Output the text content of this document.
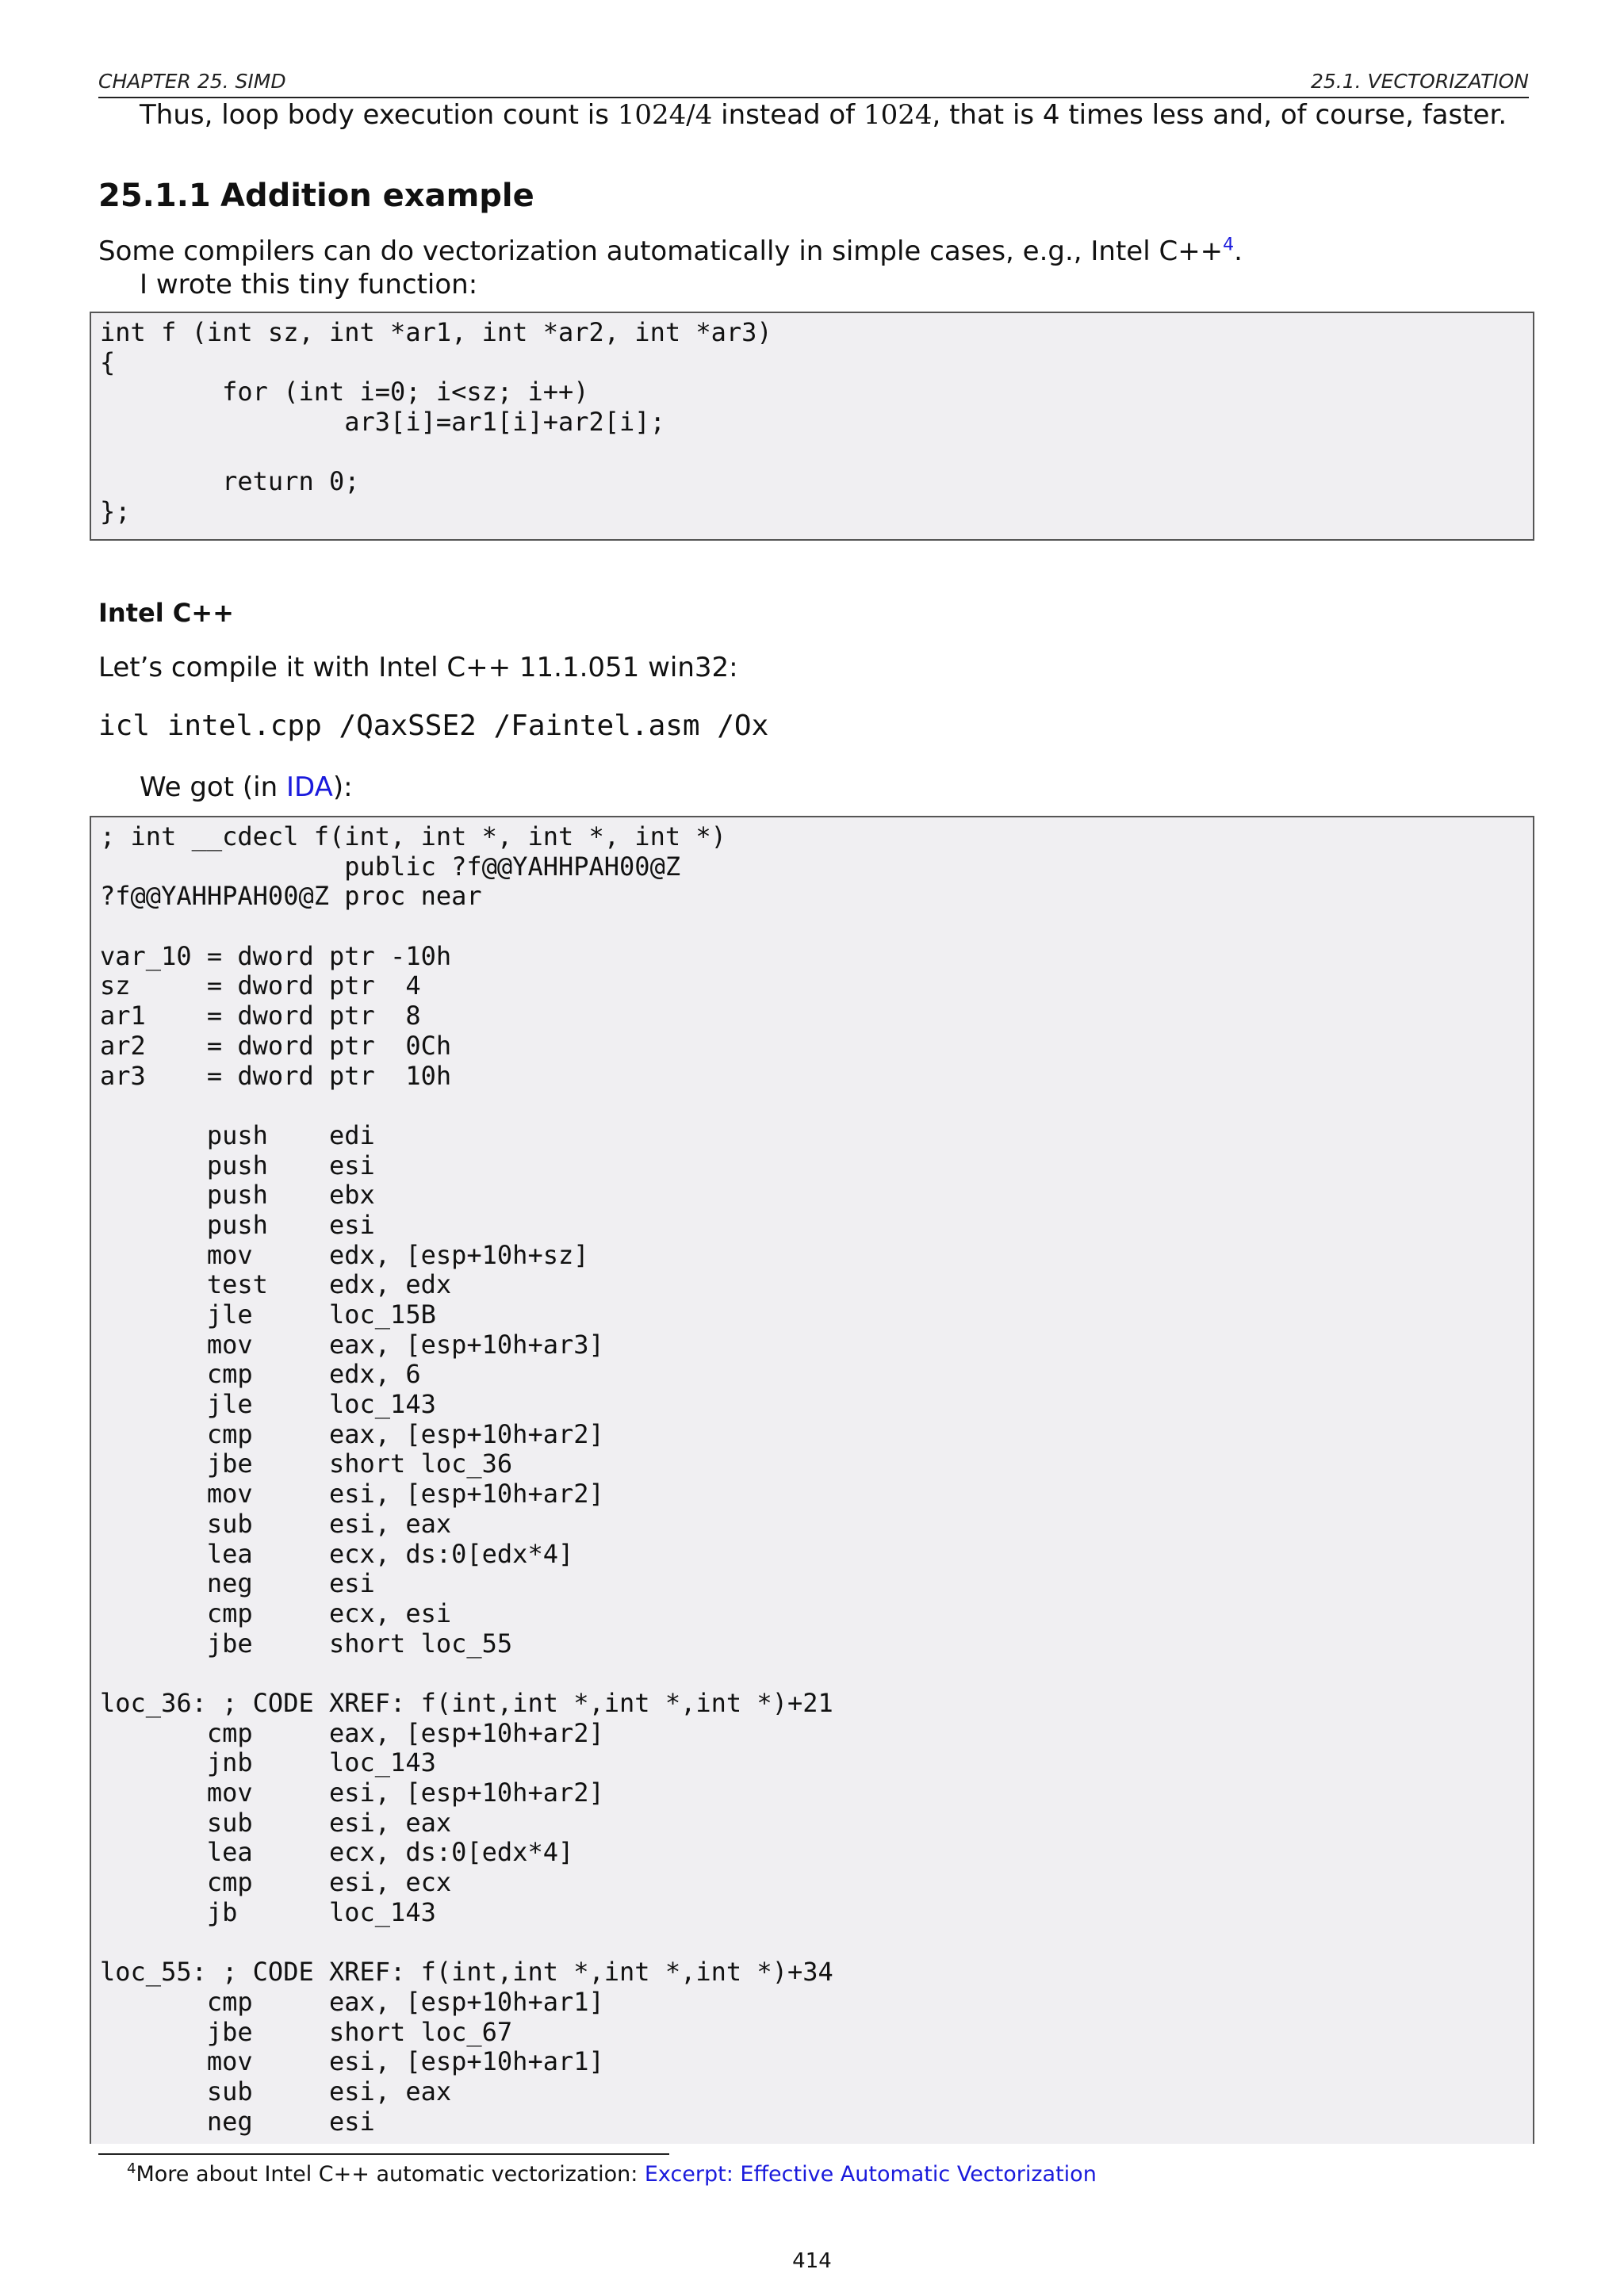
CHAPTER 25. SIMD	25.1. VECTORIZATION
Thus, loop body execution count is 1024/4 instead of 1024, that is 4 times less and, of course, faster.
25.1.1 Addition example
Some compilers can do vectorization automatically in simple cases, e.g., Intel C++$^4$.
I wrote this tiny function:
int f (int sz, int *ar1, int *ar2, int *ar3)
{
for (int i=0; i<sz; i++)
ar3[i]=ar1[i]+ar2[i];
return 0;
};
Intel C++
Let’s compile it with Intel C++ 11.1.051 win32:
icl intel.cpp /QaxSSE2 /Faintel.asm /Ox
We got (in IDA):
; int __cdecl f(int, int *, int *, int *)
public ?f@@YAHHPAH00@Z
?f@@YAHHPAH00@Z proc near
var_10 = dword ptr -10h
sz     = dword ptr  4
ar1    = dword ptr  8
ar2    = dword ptr  0Ch
ar3    = dword ptr  10h
push    edi
push    esi
push    ebx
push    esi
mov     edx, [esp+10h+sz]
test    edx, edx
jle     loc_15B
mov     eax, [esp+10h+ar3]
cmp     edx, 6
jle     loc_143
cmp     eax, [esp+10h+ar2]
jbe     short loc_36
mov     esi, [esp+10h+ar2]
sub     esi, eax
lea     ecx, ds:0[edx*4]
neg     esi
cmp     ecx, esi
jbe     short loc_55
loc_36: ; CODE XREF: f(int,int *,int *,int *)+21
cmp     eax, [esp+10h+ar2]
jnb     loc_143
mov     esi, [esp+10h+ar2]
sub     esi, eax
lea     ecx, ds:0[edx*4]
cmp     esi, ecx
jb      loc_143
loc_55: ; CODE XREF: f(int,int *,int *,int *)+34
cmp     eax, [esp+10h+ar1]
jbe     short loc_67
mov     esi, [esp+10h+ar1]
sub     esi, eax
neg     esi
$^4$More about Intel C++ automatic vectorization: Excerpt: Effective Automatic Vectorization
414
